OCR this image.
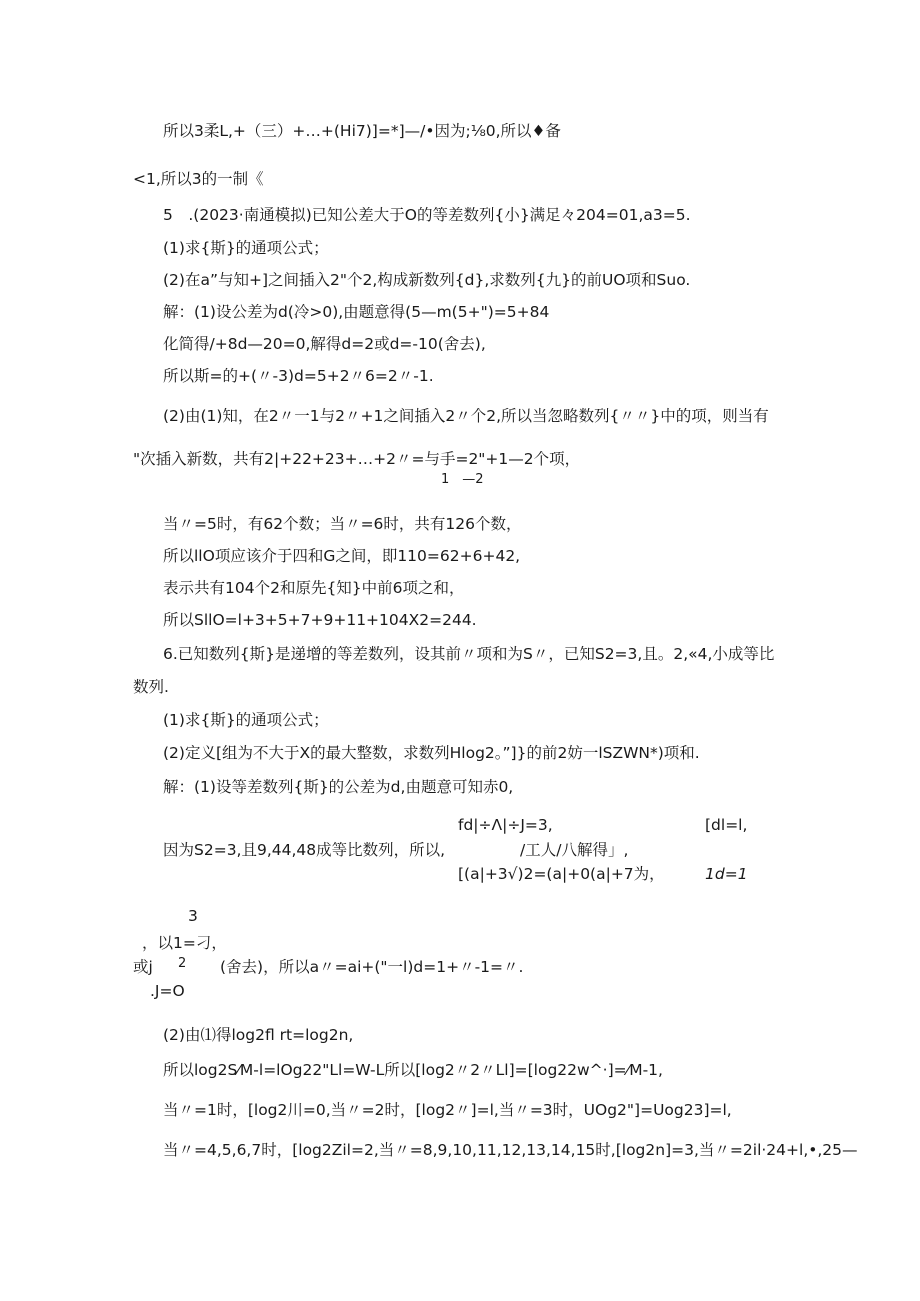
所以3柔L,+（三）+…+(Hi7)]=*]—/•因为;⅛0,所以♦备
<1,所以3的一制《
5　.(2023·南通模拟)已知公差大于O的等差数列{小}满足々204=01,a3=5.
(1)求{斯}的通项公式；
(2)在a”与知+]之间插入2"个2,构成新数列{d},求数列{九}的前UO项和Suo.
解：(1)设公差为d(冷>0),由题意得(5—m(5+")=5+84
化简得/+8d—20=0,解得d=2或d=-10(舍去),
所以斯=的+(〃-3)d=5+2〃6=2〃-1.
(2)由(1)知，在2〃一1与2〃+1之间插入2〃个2,所以当忽略数列{〃〃}中的项，则当有
"次插入新数，共有2|+22+23+…+2〃=与手=2"+1—2个项，
1　—2
当〃=5时，有62个数；当〃=6时，共有126个数，
所以llO项应该介于四和G之间，即110=62+6+42,
表示共有104个2和原先{知}中前6项之和，
所以SllO=l+3+5+7+9+11+104X2=244.
6.已知数列{斯}是递增的等差数列，设其前〃项和为S〃，已知S2=3,且。2,«4,小成等比
数列.
(1)求{斯}的通项公式；
(2)定义[组为不大于X的最大整数，求数列Hlog2。”]}的前2妨一lSZWN*)项和.
解：(1)设等差数列{斯}的公差为d,由题意可知赤0,
fd|÷Λ|÷J=3,	[dl=l,
因为S2=3,且9,44,48成等比数列，所以,	/工人/八解得」,
[(a|+3√)2=(a|+0(a|+7为，	1d=1
3
，以1=刁，
或j 2 (舍去)，所以a〃=ai+("一l)d=1+〃-1=〃.
.J=O
(2)由⑴得log2fl rt=log2n,
所以log2S⁄M-l=lOg22"Ll=W-L所以[log2〃2〃Ll]=[log22w^·]=⁄M-1,
当〃=1时，[log2川=0,当〃=2时，[log2〃]=l,当〃=3时，UOg2"]=Uog23]=l,
当〃=4,5,6,7时，[log2Zil=2,当〃=8,9,10,11,12,13,14,15时,[log2n]=3,当〃=2il·24+l,•,25—
